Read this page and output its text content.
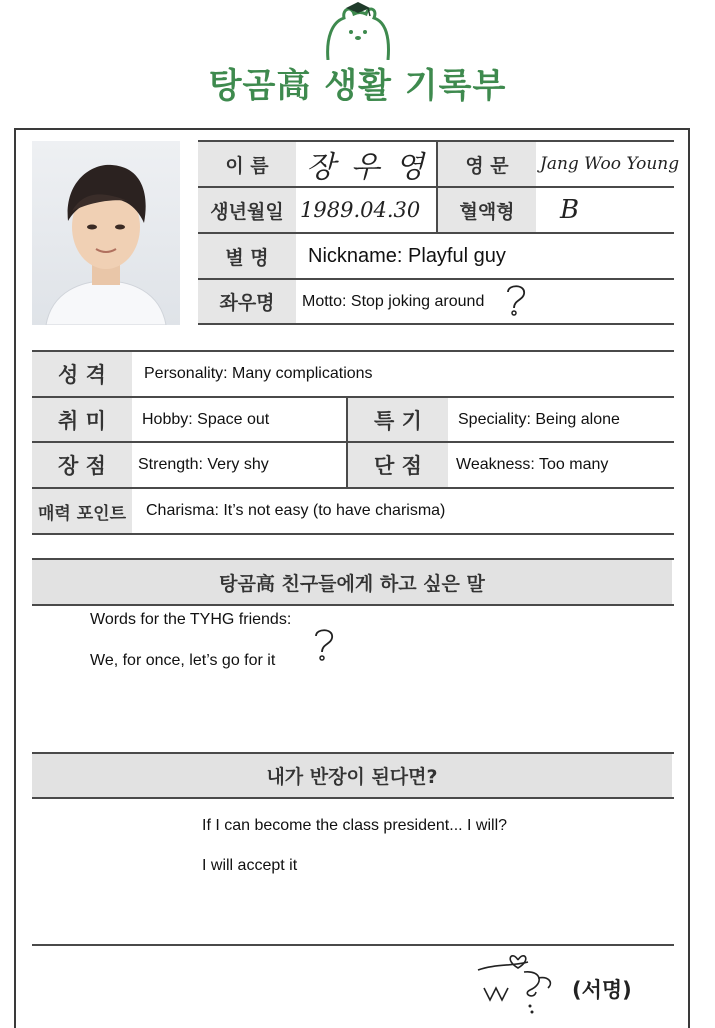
탕곰高 생활 기록부
이 름	장 우 영	영 문	Jang Woo Young
생년월일 1989.04.30	혈액형	B
별 명	Nickname: Playful guy
좌우명	Motto: Stop joking around
성 격	Personality: Many complications
취 미	Hobby: Space out	특 기	Speciality: Being alone
장 점	Strength: Very shy	단 점	Weakness: Too many
매력 포인트	Charisma: It’s not easy (to have charisma)
탕곰高 친구들에게 하고 싶은 말
Words for the TYHG friends:
We, for once, let’s go for it
내가 반장이 된다면?
If I can become the class president... I will?
I will accept it
(서명)
